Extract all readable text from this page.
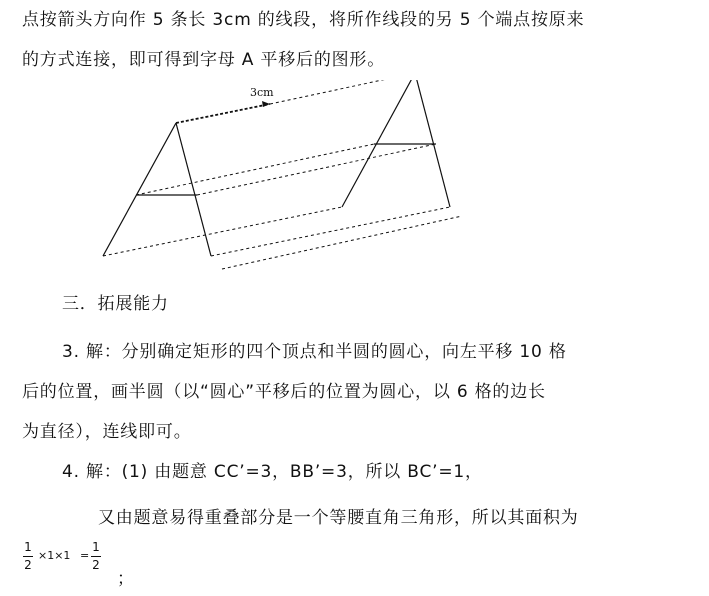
点按箭头方向作 5 条长 3cm 的线段，将所作线段的另 5 个端点按原来
的方式连接，即可得到字母 A 平移后的图形。
3cm
三．拓展能力
3. 解：分别确定矩形的四个顶点和半圆的圆心，向左平移 10 格
后的位置，画半圆（以“圆心”平移后的位置为圆心，以 6 格的边长
为直径），连线即可。
4. 解：(1) 由题意 CC’=3，BB’=3，所以 BC’=1，
又由题意易得重叠部分是一个等腰直角三角形，所以其面积为
1
2
×1×1 =
1
2
；
